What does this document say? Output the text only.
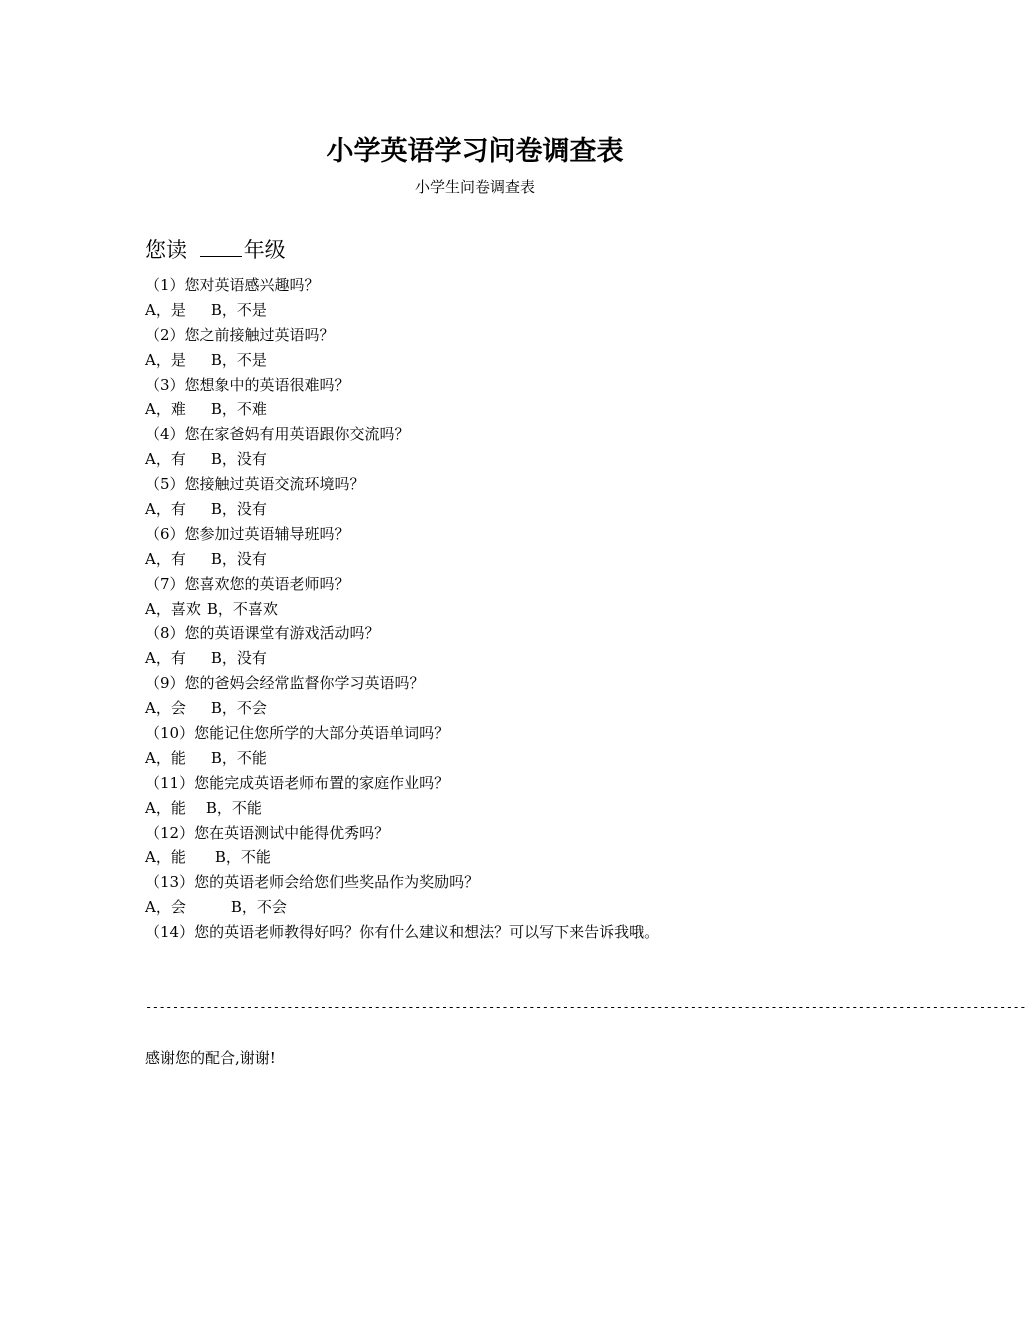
小学英语学习问卷调查表
小学生问卷调查表
您读	年级
（1）您对英语感兴趣吗？
A，是 B，不是
（2）您之前接触过英语吗？
A，是 B，不是
（3）您想象中的英语很难吗？
A，难 B，不难
（4）您在家爸妈有用英语跟你交流吗？
A，有 B，没有
（5）您接触过英语交流环境吗？
A，有 B，没有
（6）您参加过英语辅导班吗？
A，有 B，没有
（7）您喜欢您的英语老师吗？
A，喜欢 B，不喜欢
（8）您的英语课堂有游戏活动吗？
A，有 B，没有
（9）您的爸妈会经常监督你学习英语吗？
A，会 B，不会
（10）您能记住您所学的大部分英语单词吗？
A，能 B，不能
（11）您能完成英语老师布置的家庭作业吗？
A，能 B，不能
（12）您在英语测试中能得优秀吗？
A，能 B，不能
（13）您的英语老师会给您们些奖品作为奖励吗？
A，会	B，不会
（14）您的英语老师教得好吗？你有什么建议和想法？可以写下来告诉我哦。
-----------------------------------------------------------------------------------------------------------------------------------
感谢您的配合,谢谢!
